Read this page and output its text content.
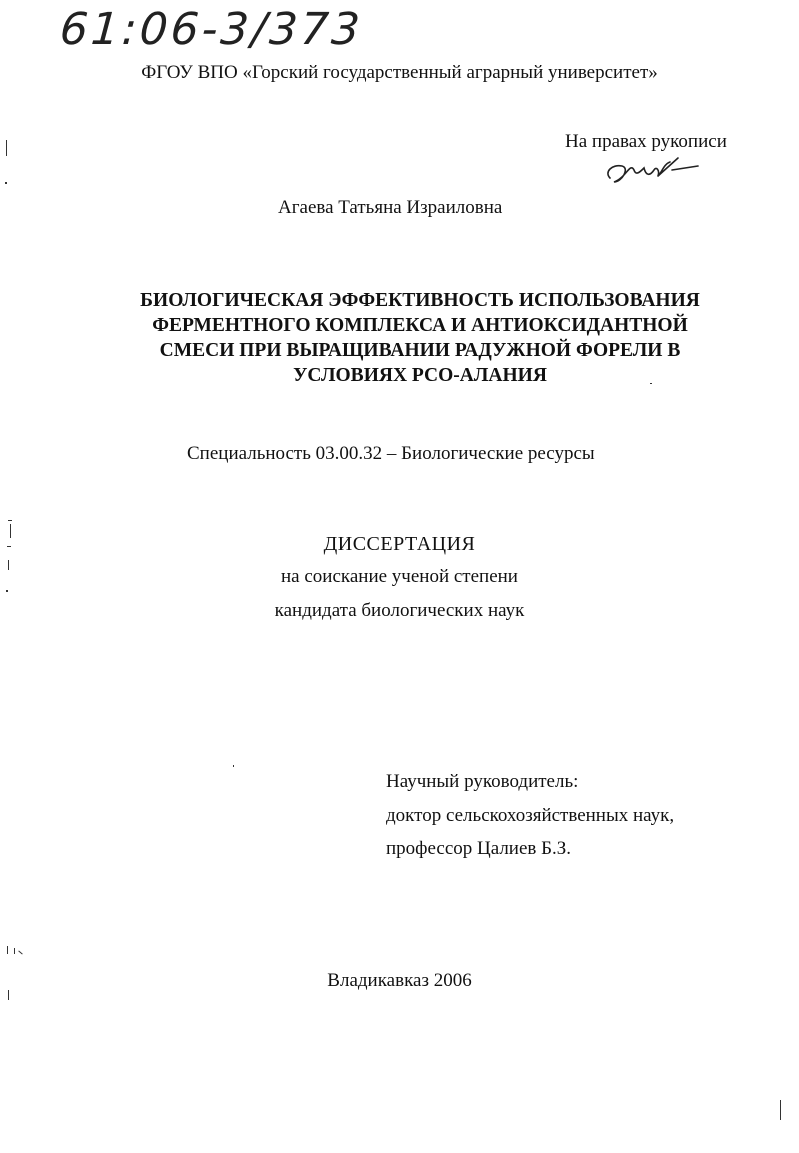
61:06-3/373
ФГОУ ВПО «Горский государственный аграрный университет»
На правах рукописи
Агаева Татьяна Израиловна
БИОЛОГИЧЕСКАЯ ЭФФЕКТИВНОСТЬ ИСПОЛЬЗОВАНИЯ
ФЕРМЕНТНОГО КОМПЛЕКСА И АНТИОКСИДАНТНОЙ
СМЕСИ ПРИ ВЫРАЩИВАНИИ РАДУЖНОЙ ФОРЕЛИ В
УСЛОВИЯХ РСО-АЛАНИЯ
Специальность 03.00.32 – Биологические ресурсы
ДИССЕРТАЦИЯ
на соискание ученой степени
кандидата биологических наук
Научный руководитель:
доктор сельскохозяйственных наук,
профессор Цалиев Б.З.
Владикавказ 2006
